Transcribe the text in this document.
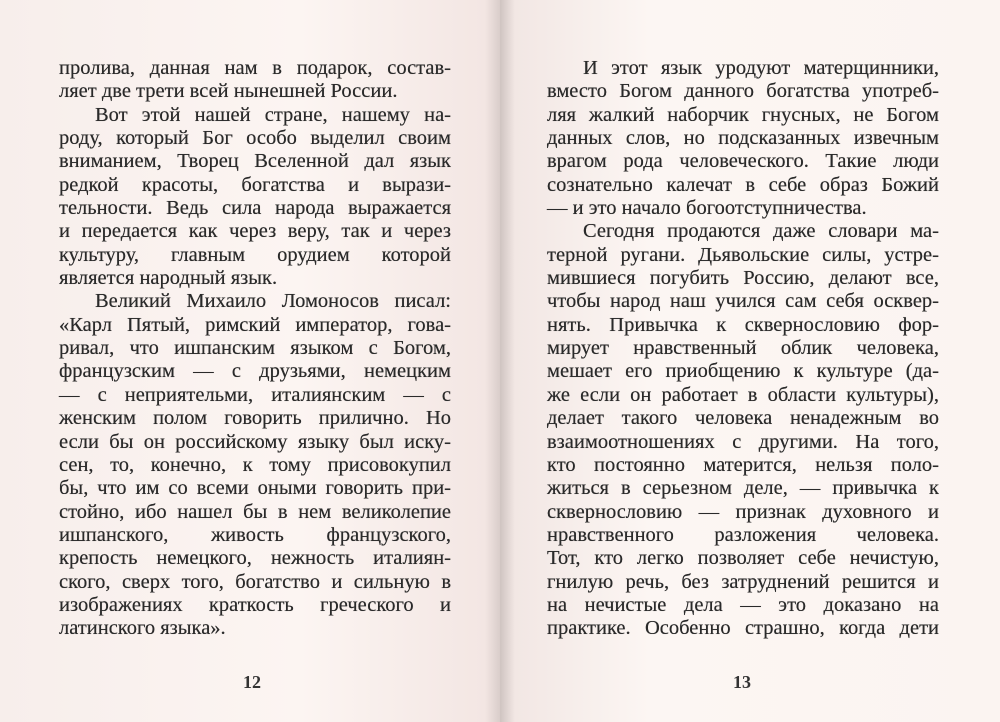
пролива, данная нам в подарок, состав-
ляет две трети всей нынешней России.
Вот этой нашей стране, нашему на-
роду, который Бог особо выделил своим
вниманием, Творец Вселенной дал язык
редкой красоты, богатства и вырази-
тельности. Ведь сила народа выражается
и передается как через веру, так и через
культуру, главным орудием которой
является народный язык.
Великий Михаило Ломоносов писал:
«Карл Пятый, римский император, гова-
ривал, что ишпанским языком с Богом,
французским — с друзьями, немецким
— с неприятельми, италиянским — с
женским полом говорить прилично. Но
если бы он российскому языку был иску-
сен, то, конечно, к тому присовокупил
бы, что им со всеми оными говорить при-
стойно, ибо нашел бы в нем великолепие
ишпанского, живость французского,
крепость немецкого, нежность италиян-
ского, сверх того, богатство и сильную в
изображениях краткость греческого и
латинского языка».
12
И этот язык уродуют матерщинники,
вместо Богом данного богатства употреб-
ляя жалкий наборчик гнусных, не Богом
данных слов, но подсказанных извечным
врагом рода человеческого. Такие люди
сознательно калечат в себе образ Божий
— и это начало богоотступничества.
Сегодня продаются даже словари ма-
терной ругани. Дьявольские силы, устре-
мившиеся погубить Россию, делают все,
чтобы народ наш учился сам себя осквер-
нять. Привычка к сквернословию фор-
мирует нравственный облик человека,
мешает его приобщению к культуре (да-
же если он работает в области культуры),
делает такого человека ненадежным во
взаимоотношениях с другими. На того,
кто постоянно матерится, нельзя поло-
житься в серьезном деле, — привычка к
сквернословию — признак духовного и
нравственного разложения человека.
Тот, кто легко позволяет себе нечистую,
гнилую речь, без затруднений решится и
на нечистые дела — это доказано на
практике. Особенно страшно, когда дети
13
